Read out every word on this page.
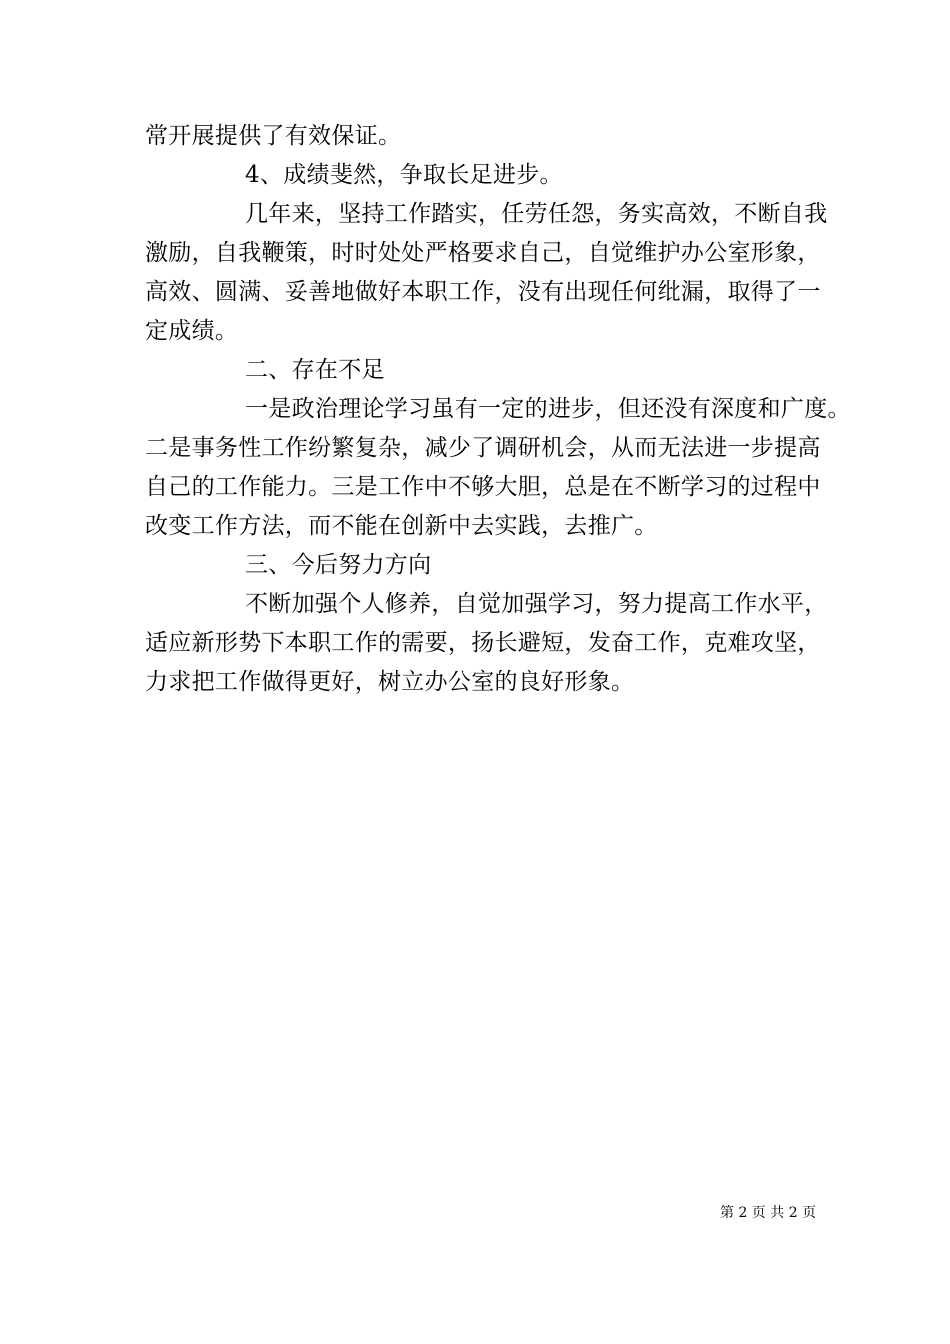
常开展提供了有效保证。
4、成绩斐然，争取长足进步。
几年来，坚持工作踏实，任劳任怨，务实高效，不断自我
激励，自我鞭策，时时处处严格要求自己，自觉维护办公室形象，
高效、圆满、妥善地做好本职工作，没有出现任何纰漏，取得了一
定成绩。
二、存在不足
一是政治理论学习虽有一定的进步，但还没有深度和广度。
二是事务性工作纷繁复杂，减少了调研机会，从而无法进一步提高
自己的工作能力。三是工作中不够大胆，总是在不断学习的过程中
改变工作方法，而不能在创新中去实践，去推广。
三、今后努力方向
不断加强个人修养，自觉加强学习，努力提高工作水平，
适应新形势下本职工作的需要，扬长避短，发奋工作，克难攻坚，
力求把工作做得更好，树立办公室的良好形象。
第 2 页 共 2 页
